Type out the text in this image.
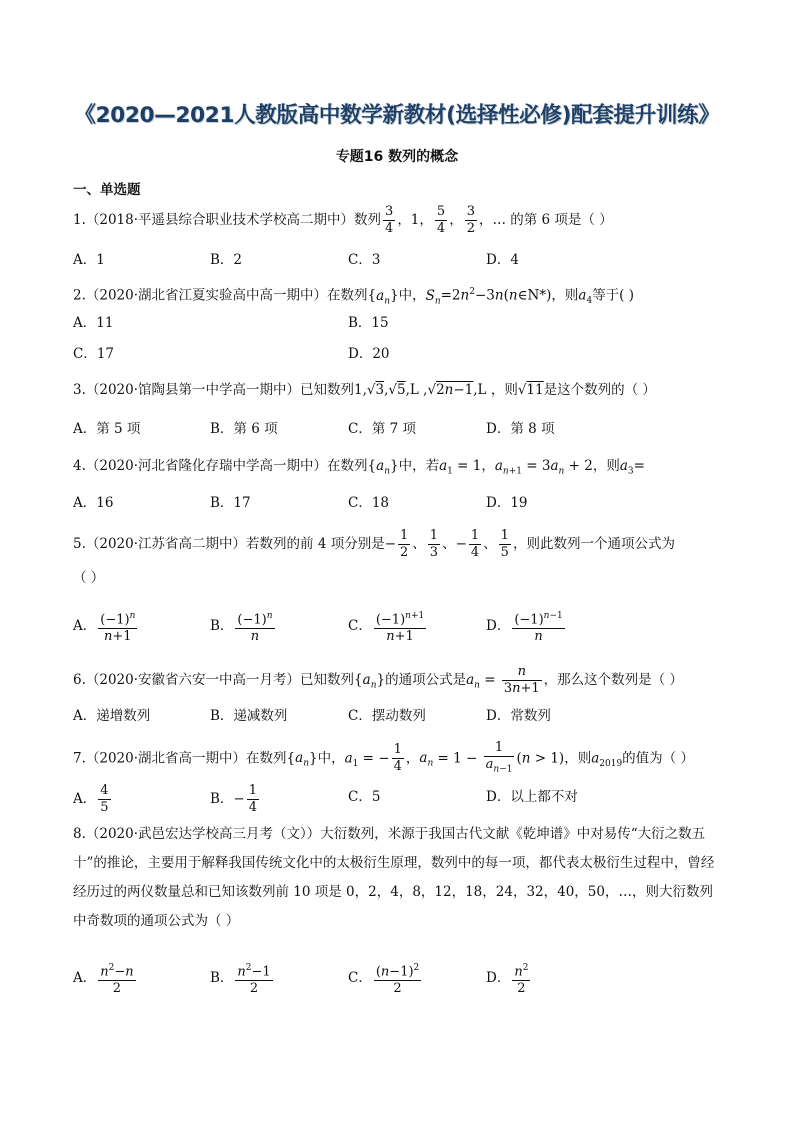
《2020—2021人教版高中数学新教材(选择性必修)配套提升训练》
专题16 数列的概念
一、单选题
1.（2018·平遥县综合职业技术学校高二期中）数列 $\frac{3}{4}$ ，1， $\frac{5}{4}$ ， $\frac{3}{2}$ ，… 的第 6 项是（ ）
A．1	B．2	C．3	D．4
2.（2020·湖北省江夏实验高中高一期中）在数列$\{a_n\}$中，$S_n=2n^2-3n(n\in N*)$，则$a_4$等于( )
A．11	B．15
C．17	D．20
3.（2020·馆陶县第一中学高一期中）已知数列1,√3,√5,L ,√2n−1,L ，则√11是这个数列的（ ）
A．第 5 项	B．第 6 项	C．第 7 项	D．第 8 项
4.（2020·河北省隆化存瑞中学高一期中）在数列$\{a_n\}$中，若$a_1 = 1$，$a_{n+1} = 3a_n + 2$，则$a_3=$
A．16	B．17	C．18	D．19
5.（2020·江苏省高二期中）若数列的前 4 项分别是− $\frac{1}{2}$ 、 $\frac{1}{3}$ 、− $\frac{1}{4}$ 、 $\frac{1}{5}$ ，则此数列一个通项公式为
（ ）
A． $\frac{(-1)^n}{n+1}$	B． $\frac{(-1)^n}{n}$	C． $\frac{(-1)^{n+1}}{n+1}$	D． $\frac{(-1)^{n-1}}{n}$
6.（2020·安徽省六安一中高一月考）已知数列$\{a_n\}$的通项公式是$a_n = \frac{n}{3n+1}$ ，那么这个数列是（ ）
A．递增数列	B．递减数列	C．摆动数列	D．常数列
7.（2020·湖北省高一期中）在数列$\{a_n\}$中，$a_1$ = − $\frac{1}{4}$ ，$a_n = 1 - \frac{1}{a_{n-1}} (n > 1)$，则$a_{2019}$的值为（ ）
A． $\frac{4}{5}$	B．− $\frac{1}{4}$	C．5	D．以上都不对
8.（2020·武邑宏达学校高三月考（文））大衍数列，米源于我国古代文献《乾坤谱》中对易传“大衍之数五十”的推论，主要用于解释我国传统文化中的太极衍生原理，数列中的每一项，都代表太极衍生过程中，曾经经历过的两仪数量总和已知该数列前 10 项是 0，2，4，8，12，18，24，32，40，50，…，则大衍数列中奇数项的通项公式为（ ）
A． $\frac{n^2-n}{2}$	B． $\frac{n^2-1}{2}$	C． $\frac{(n-1)^2}{2}$	D． $\frac{n^2}{2}$
